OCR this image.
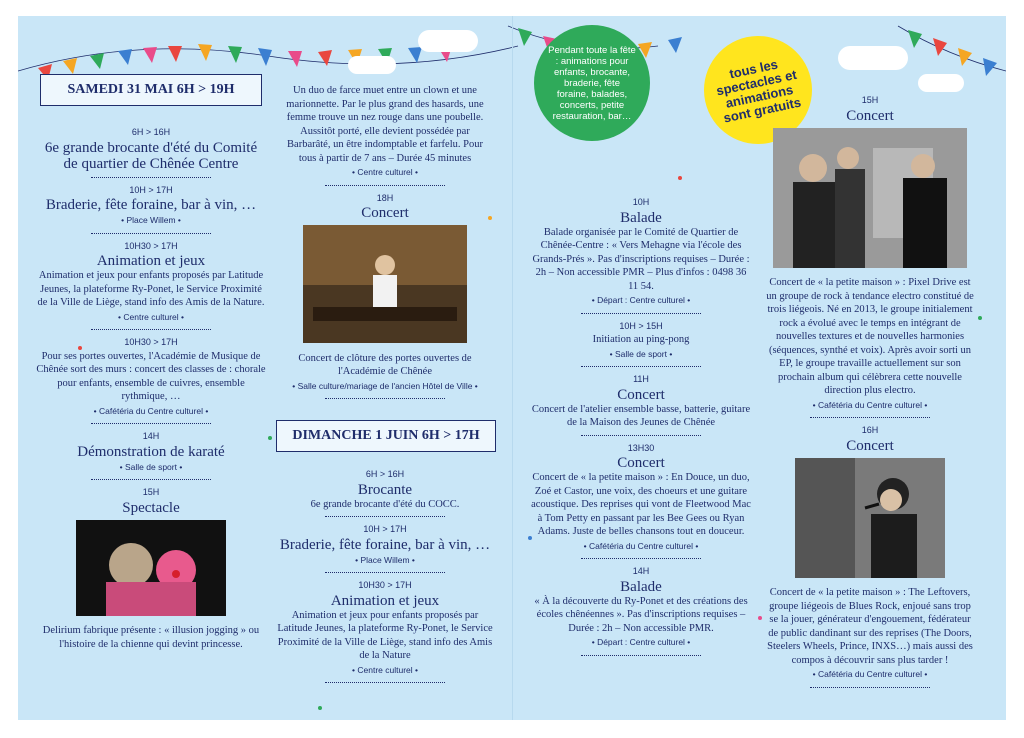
Pendant toute la fête : animations pour enfants, brocante, braderie, fête foraine, balades, concerts, petite restauration, bar…
tous les spectacles et animations sont gratuits
SAMEDI 31 MAI 6H > 19H
6H > 16H
6e grande brocante d'été du Comité de quartier de Chênée Centre
10H > 17H
Braderie, fête foraine, bar à vin, …
• Place Willem •
10H30 > 17H
Animation et jeux
Animation et jeux pour enfants proposés par Latitude Jeunes, la plateforme Ry-Ponet, le Service Proximité de la Ville de Liège, stand info des Amis de la Nature.
• Centre culturel •
10H30 > 17H
Pour ses portes ouvertes, l'Académie de Musique de Chênée sort des murs : concert des classes de : chorale pour enfants, ensemble de cuivres, ensemble rythmique, …
• Cafétéria du Centre culturel •
14H
Démonstration de karaté
• Salle de sport •
15H
Spectacle
Delirium fabrique présente : « illusion jogging » ou l'histoire de la chienne qui devint princesse.
Un duo de farce muet entre un clown et une marionnette. Par le plus grand des hasards, une femme trouve un nez rouge dans une poubelle. Aussitôt porté, elle devient possédée par Barbarâté, un être indomptable et farfelu. Pour tous à partir de 7 ans – Durée 45 minutes
• Centre culturel •
18H
Concert
Concert de clôture des portes ouvertes de l'Académie de Chênée
• Salle culture/mariage de l'ancien Hôtel de Ville •
DIMANCHE 1 JUIN 6H > 17H
6H > 16H
Brocante
6e grande brocante d'été du COCC.
10H > 17H
Braderie, fête foraine, bar à vin, …
• Place Willem •
10H30 > 17H
Animation et jeux
Animation et jeux pour enfants proposés par Latitude Jeunes, la plateforme Ry-Ponet, le Service Proximité de la Ville de Liège, stand info des Amis de la Nature
• Centre culturel •
10H
Balade
Balade organisée par le Comité de Quartier de Chênée-Centre : « Vers Mehagne via l'école des Grands-Prés ». Pas d'inscriptions requises – Durée : 2h – Non accessible PMR – Plus d'infos : 0498 36 11 54.
• Départ : Centre culturel •
10H > 15H
Initiation au ping-pong
• Salle de sport •
11H
Concert
Concert de l'atelier ensemble basse, batterie, guitare de la Maison des Jeunes de Chênée
13H30
Concert
Concert de « la petite maison » : En Douce, un duo, Zoé et Castor, une voix, des choeurs et une guitare acoustique. Des reprises qui vont de Fleetwood Mac à Tom Petty en passant par les Bee Gees ou Ryan Adams. Juste de belles chansons tout en douceur.
• Cafétéria du Centre culturel •
14H
Balade
« À la découverte du Ry-Ponet et des créations des écoles chênéennes ». Pas d'inscriptions requises – Durée : 2h – Non accessible PMR.
• Départ : Centre culturel •
15H
Concert
Concert de « la petite maison » : Pixel Drive est un groupe de rock à tendance electro constitué de trois liégeois. Né en 2013, le groupe initialement rock a évolué avec le temps en intégrant de nouvelles textures et de nouvelles harmonies (séquences, synthé et voix). Après avoir sorti un EP, le groupe travaille actuellement sur son prochain album qui célèbrera cette nouvelle direction plus electro.
• Cafétéria du Centre culturel •
16H
Concert
Concert de « la petite maison » : The Leftovers, groupe liégeois de Blues Rock, enjoué sans trop se la jouer, générateur d'engouement, fédérateur de public dandinant sur des reprises (The Doors, Steelers Wheels, Prince, INXS…) mais aussi des compos à découvrir sans plus tarder !
• Cafétéria du Centre culturel •
